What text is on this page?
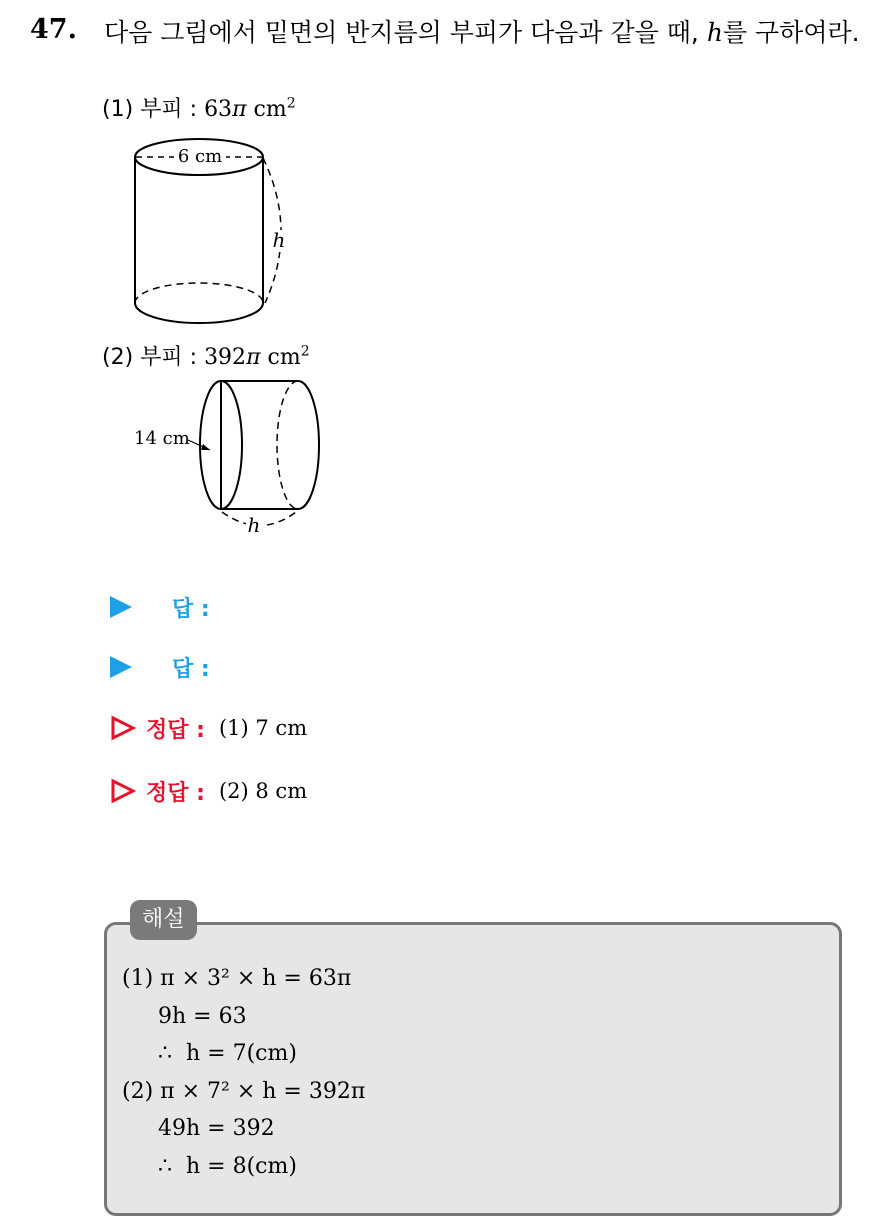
47. 다음 그림에서 밑면의 반지름의 부피가 다음과 같을 때, h를 구하여라.
(1) 부피 : 63π $cm^2$
6 cm
h
(2) 부피 : 392π $cm^2$
14 cm
h
답 :
답 :
정답 : (1) 7 cm
정답 : (2) 8 cm
해설
(1) π × 3² × h = 63π
9h = 63
∴  h = 7(cm)
(2) π × 7² × h = 392π
49h = 392
∴  h = 8(cm)
